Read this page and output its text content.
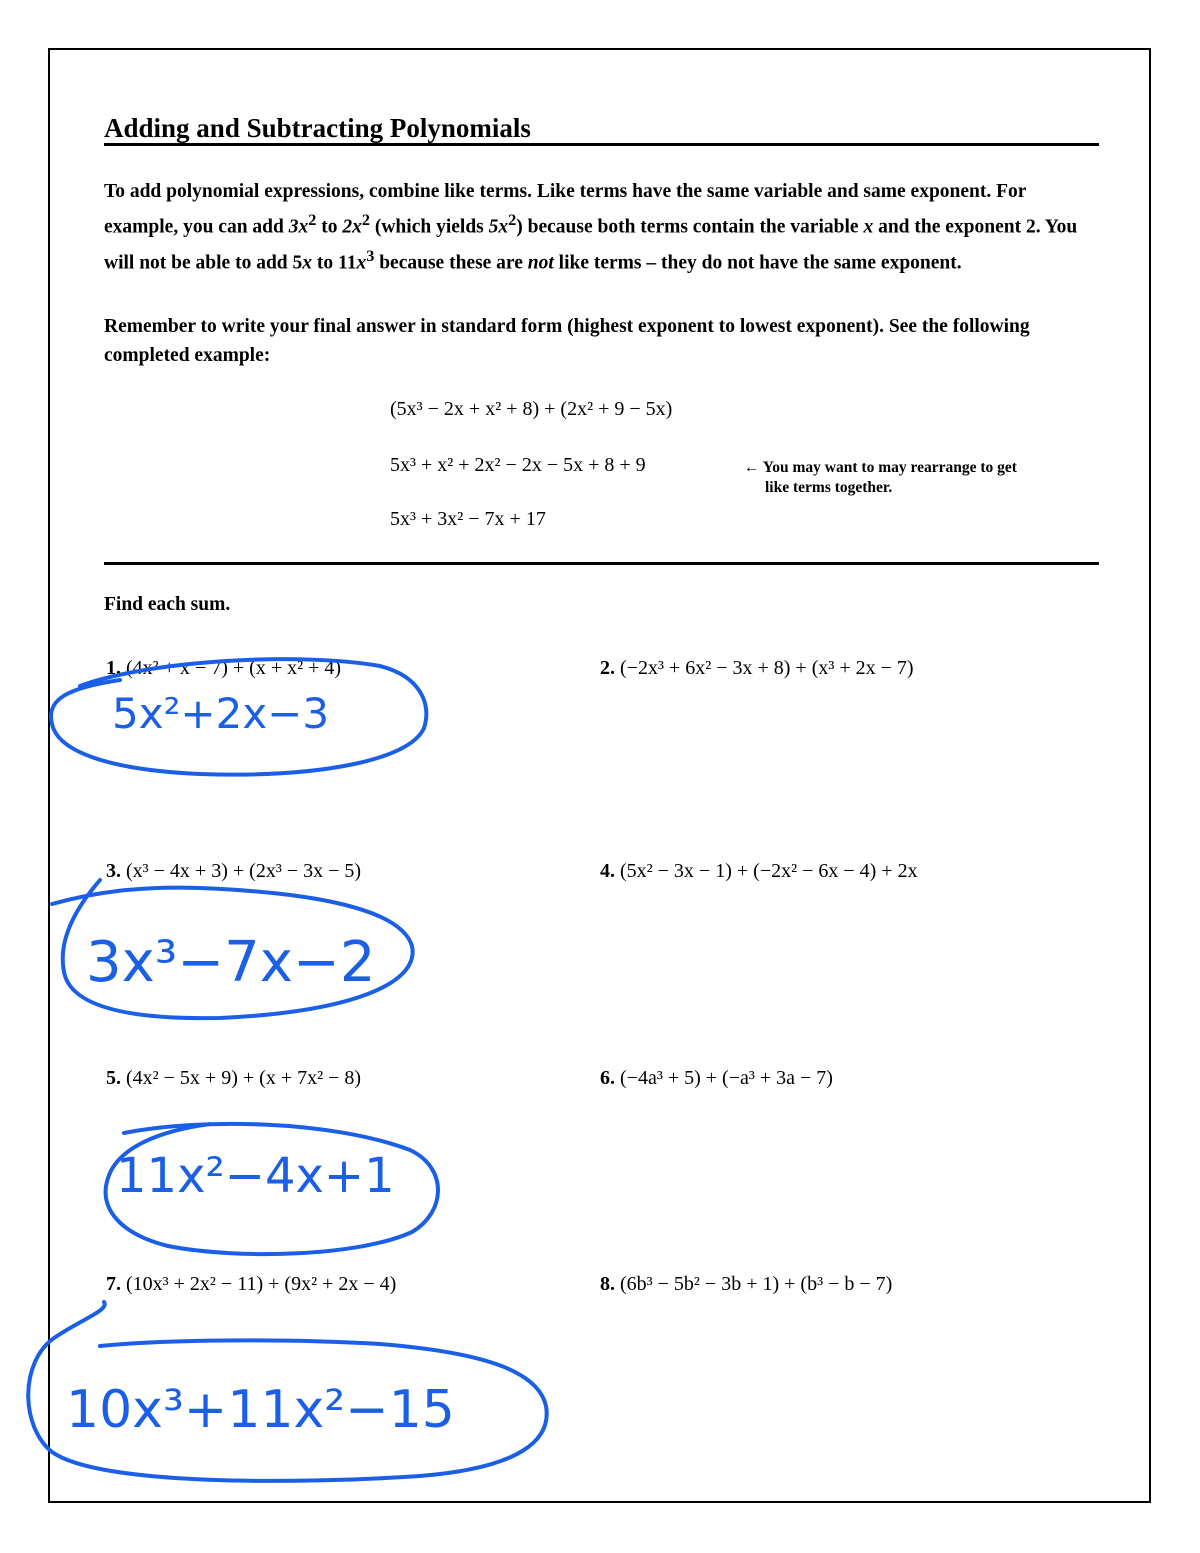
Adding and Subtracting Polynomials

To add polynomial expressions, combine like terms. Like terms have the same variable and same exponent. For example, you can add $3x^2$ to $2x^2$ (which yields $5x^2$) because both terms contain the variable x and the exponent 2. You will not be able to add 5x to $11x^3$ because these are not like terms – they do not have the same exponent.

Remember to write your final answer in standard form (highest exponent to lowest exponent). See the following completed example:

(5x³ − 2x + x² + 8) + (2x² + 9 − 5x)
5x³ + x² + 2x² − 2x − 5x + 8 + 9
5x³ + 3x² − 7x + 17
← You may want to may rearrange to get
like terms together.
Find each sum.
1. (4x² + x − 7) + (x + x² + 4)	2. (−2x³ + 6x² − 3x + 8) + (x³ + 2x − 7)
3. (x³ − 4x + 3) + (2x³ − 3x − 5)	4. (5x² − 3x − 1) + (−2x² − 6x − 4) + 2x
5. (4x² − 5x + 9) + (x + 7x² − 8)	6. (−4a³ + 5) + (−a³ + 3a − 7)
7. (10x³ + 2x² − 11) + (9x² + 2x − 4)	8. (6b³ − 5b² − 3b + 1) + (b³ − b − 7)
5x²+2x−3
3x³−7x−2
11x²−4x+1
10x³+11x²−15
